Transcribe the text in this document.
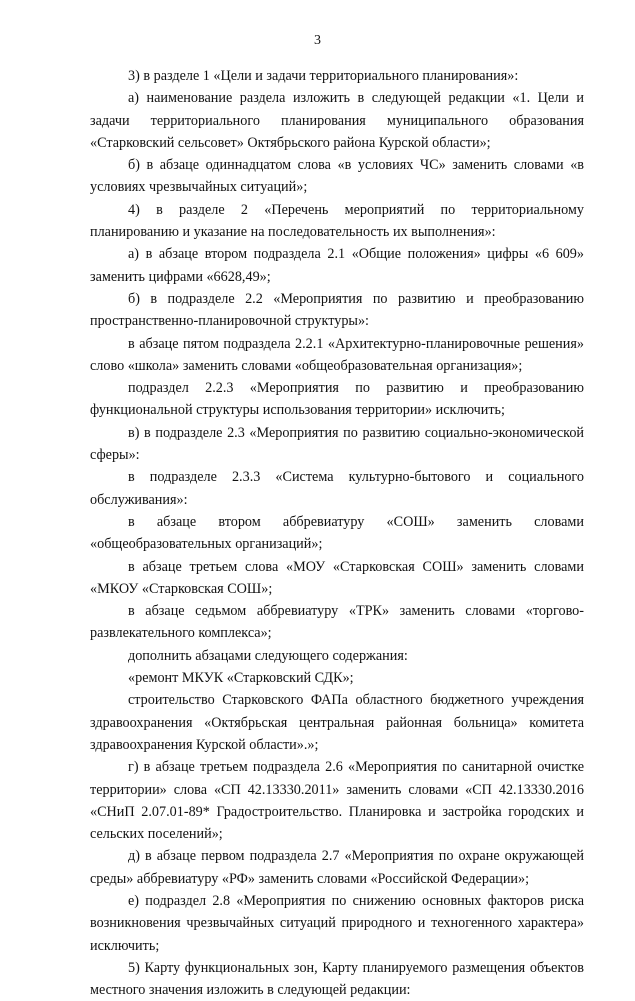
3

3) в разделе 1 «Цели и задачи территориального планирования»:

а) наименование раздела изложить в следующей редакции «1. Цели и задачи территориального планирования муниципального образования «Старковский сельсовет» Октябрьского района Курской области»;

б) в абзаце одиннадцатом слова «в условиях ЧС» заменить словами «в условиях чрезвычайных ситуаций»;

4) в разделе 2 «Перечень мероприятий по территориальному планированию и указание на последовательность их выполнения»:

а) в абзаце втором подраздела 2.1 «Общие положения» цифры «6 609» заменить цифрами «6628,49»;

б) в подразделе 2.2 «Мероприятия по развитию и преобразованию пространственно-планировочной структуры»:

в абзаце пятом подраздела 2.2.1 «Архитектурно-планировочные решения» слово «школа» заменить словами «общеобразовательная организация»;

подраздел 2.2.3 «Мероприятия по развитию и преобразованию функциональной структуры использования территории» исключить;

в) в подразделе 2.3 «Мероприятия по развитию социально-экономической сферы»:

в подразделе 2.3.3 «Система культурно-бытового и социального обслуживания»:

в абзаце втором аббревиатуру «СОШ» заменить словами «общеобразовательных организаций»;

в абзаце третьем слова «МОУ «Старковская СОШ» заменить словами «МКОУ «Старковская СОШ»;

в абзаце седьмом аббревиатуру «ТРК» заменить словами «торгово-развлекательного комплекса»;

дополнить абзацами следующего содержания:

«ремонт МКУК «Старковский СДК»;

строительство Старковского ФАПа областного бюджетного учреждения здравоохранения «Октябрьская центральная районная больница» комитета здравоохранения Курской области».»;

г) в абзаце третьем подраздела 2.6 «Мероприятия по санитарной очистке территории» слова «СП 42.13330.2011» заменить словами «СП 42.13330.2016 «СНиП 2.07.01-89* Градостроительство. Планировка и застройка городских и сельских поселений»;

д) в абзаце первом подраздела 2.7 «Мероприятия по охране окружающей среды» аббревиатуру «РФ» заменить словами «Российской Федерации»;

е) подраздел 2.8 «Мероприятия по снижению основных факторов риска возникновения чрезвычайных ситуаций природного и техногенного характера» исключить;

5) Карту функциональных зон, Карту планируемого размещения объектов местного значения изложить в следующей редакции:
